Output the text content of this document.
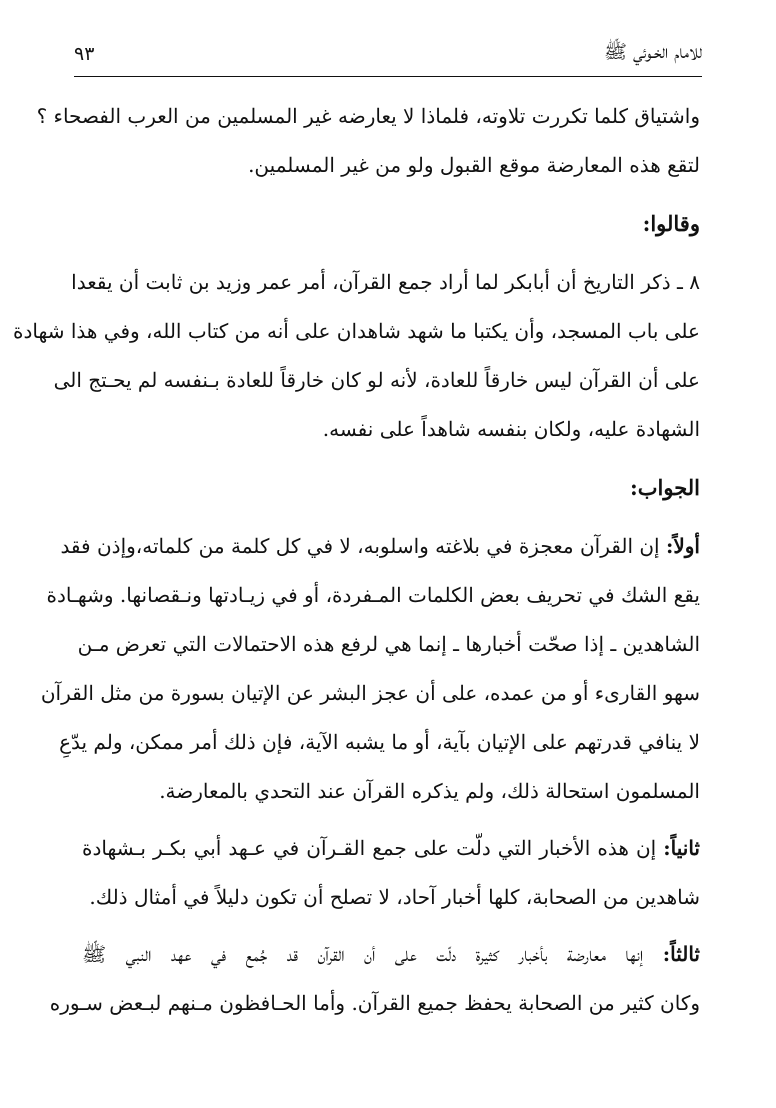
للامام الخـوئي ﷺ
٩٣
واشتياق كلما تكررت تلاوته، فلماذا لا يعارضه غير المسلمين من العرب الفصحاء ؟
لتقع هذه المعارضة موقع القبول ولو من غير المسلمين.
وقالوا:
٨ ـ ذكر التاريخ أن أبابكر لما أراد جمع القرآن، أمر عمر وزيد بن ثابت أن يقعدا
على باب المسجد، وأن يكتبا ما شهد شاهدان على أنه من كتاب الله، وفي هذا شهادة
على أن القرآن ليس خارقاً للعادة، لأنه لو كان خارقاً للعادة بـنفسه لم يحـتج الى
الشهادة عليه، ولكان بنفسه شاهداً على نفسه.
الجواب:
أولاً: إن القرآن معجزة في بلاغته واسلوبه، لا في كل كلمة من كلماته،وإذن فقد
يقع الشك في تحريف بعض الكلمات المـفردة، أو في زيـادتها ونـقصانها. وشهـادة
الشاهدين ـ إذا صحّت أخبارها ـ إنما هي لرفع هذه الاحتمالات التي تعرض مـن
سهو القارىء أو من عمده، على أن عجز البشر عن الإتيان بسورة من مثل القرآن
لا ينافي قدرتهم على الإتيان بآية، أو ما يشبه الآية، فإن ذلك أمر ممكن، ولم يدّعِ
المسلمون استحالة ذلك، ولم يذكره القرآن عند التحدي بالمعارضة.
ثانياً: إن هذه الأخبار التي دلّت على جمع القـرآن في عـهد أبي بكـر بـشهادة
شاهدين من الصحابة، كلها أخبار آحاد، لا تصلح أن تكون دليلاً في أمثال ذلك.
ثالثاً: إنها معارضة بأخبار كثيرة دلّت على أن القرآن قد جُمع في عهد النبي ﷺ
وكان كثير من الصحابة يحفظ جميع القرآن. وأما الحـافظون مـنهم لبـعض سـوره
